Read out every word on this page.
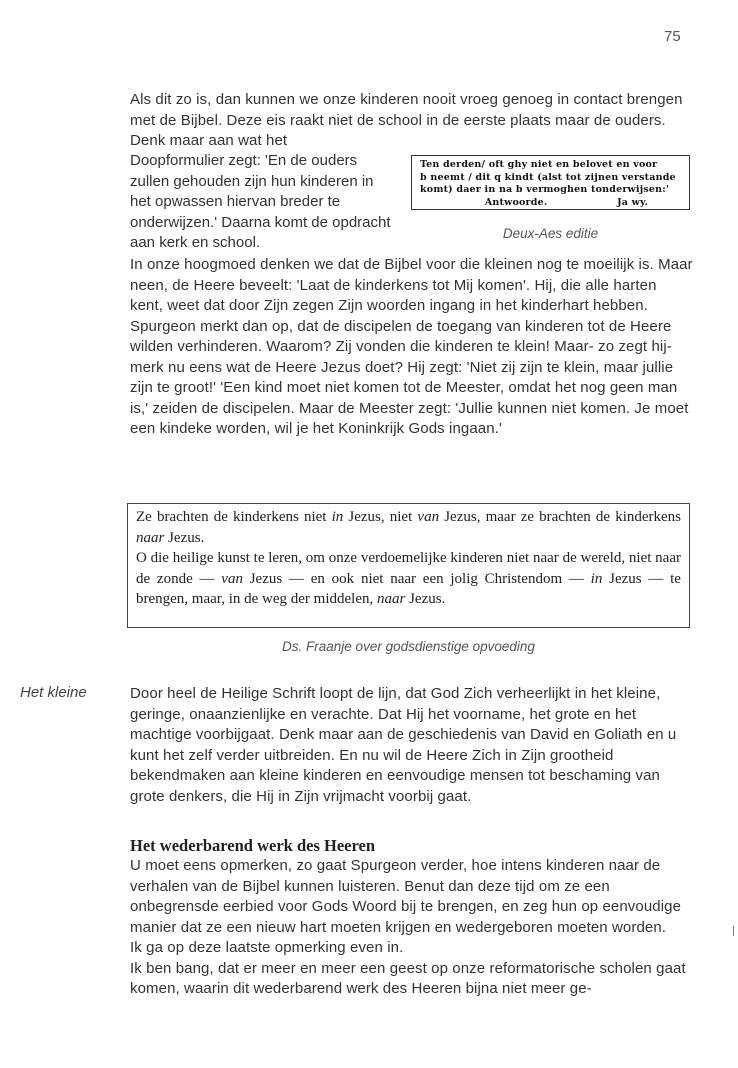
75

Als dit zo is, dan kunnen we onze kinderen nooit vroeg genoeg in contact brengen met de Bijbel. Deze eis raakt niet de school in de eerste plaats maar de ouders. Denk maar aan wat het

Doopformulier zegt: 'En de ouders zullen gehouden zijn hun kinderen in het opwassen hiervan breder te onderwijzen.' Daarna komt de opdracht aan kerk en school.
Ten derden/ oft ghy niet en belovet en voor
b neemt / dit q kindt (alst tot zijnen verstande
komt) daer in na b vermoghen tonderwijsen:'
Antwoorde.	Ja wy.
Deux-Aes editie

In onze hoogmoed denken we dat de Bijbel voor die kleinen nog te moeilijk is. Maar neen, de Heere beveelt: 'Laat de kinderkens tot Mij komen'. Hij, die alle harten kent, weet dat door Zijn zegen Zijn woorden ingang in het kinderhart hebben. Spurgeon merkt dan op, dat de discipelen de toegang van kinderen tot de Heere wilden verhinderen. Waarom? Zij vonden die kinderen te klein! Maar- zo zegt hij- merk nu eens wat de Heere Jezus doet? Hij zegt: 'Niet zij zijn te klein, maar jullie zijn te groot!' 'Een kind moet niet komen tot de Meester, omdat het nog geen man is,' zeiden de discipelen. Maar de Meester zegt: 'Jullie kunnen niet komen. Je moet een kindeke worden, wil je het Koninkrijk Gods ingaan.'

Ze brachten de kinderkens niet in Jezus, niet van Jezus, maar ze brachten de kinderkens naar Jezus.
O die heilige kunst te leren, om onze verdoemelijke kinderen niet naar de wereld, niet naar de zonde — van Jezus — en ook niet naar een jolig Christendom — in Jezus — te brengen, maar, in de weg der middelen, naar Jezus.

Ds. Fraanje over godsdienstige opvoeding
Het kleine	Door heel de Heilige Schrift loopt de lijn, dat God Zich verheerlijkt in het kleine, geringe, onaanzienlijke en verachte. Dat Hij het voorname, het grote en het machtige voorbijgaat. Denk maar aan de geschiedenis van David en Goliath en u kunt het zelf verder uitbreiden. En nu wil de Heere Zich in Zijn grootheid bekendmaken aan kleine kinderen en eenvoudige mensen tot beschaming van grote denkers, die Hij in Zijn vrijmacht voorbij gaat.

Het wederbarend werk des Heeren

U moet eens opmerken, zo gaat Spurgeon verder, hoe intens kinderen naar de verhalen van de Bijbel kunnen luisteren. Benut dan deze tijd om ze een onbegrensde eerbied voor Gods Woord bij te brengen, en zeg hun op eenvoudige manier dat ze een nieuw hart moeten krijgen en wedergeboren moeten worden.

Ik ga op deze laatste opmerking even in.

Ik ben bang, dat er meer en meer een geest op onze reformatorische scholen gaat komen, waarin dit wederbarend werk des Heeren bijna niet meer ge-
